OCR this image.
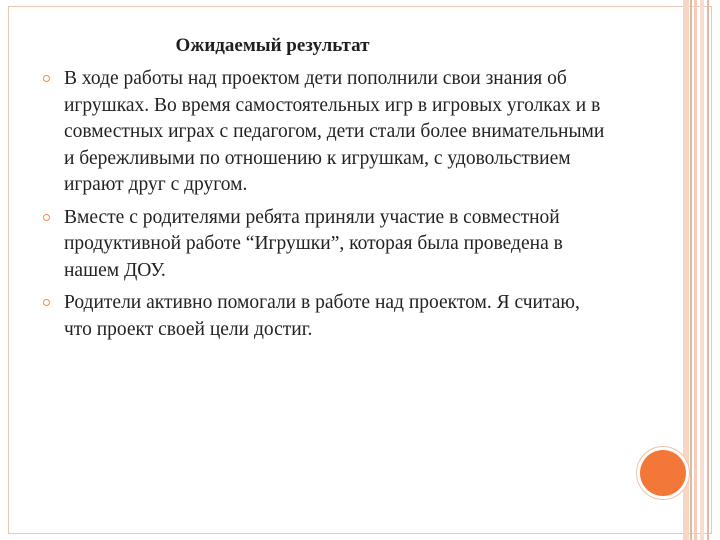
Ожидаемый результат
В ходе работы над проектом дети пополнили свои знания об игрушках. Во время самостоятельных игр в игровых уголках и в совместных играх с педагогом, дети стали более внимательными и бережливыми по отношению к игрушкам, с удовольствием играют друг с другом.
Вместе с родителями ребята приняли участие в совместной продуктивной работе “Игрушки”, которая была проведена в нашем ДОУ.
Родители активно помогали в работе над проектом. Я считаю, что проект своей цели достиг.
